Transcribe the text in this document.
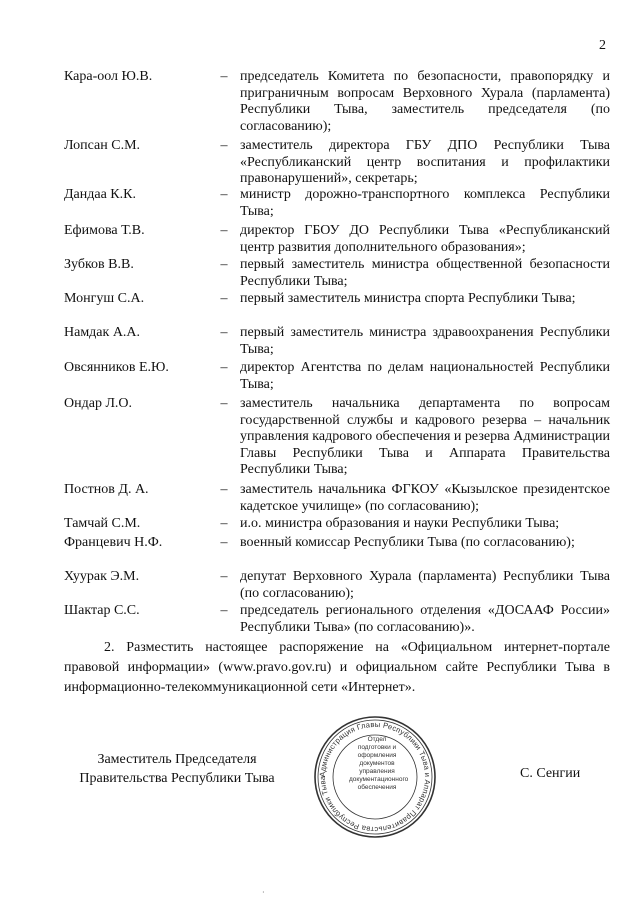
2
Кара-оол Ю.В.	– председатель Комитета по безопасности, правопорядку и приграничным вопросам Верховного Хурала (парламента) Республики Тыва, заместитель председателя (по согласованию);
Лопсан С.М.	– заместитель директора ГБУ ДПО Республики Тыва «Республиканский центр воспитания и профилактики правонарушений», секретарь;
Дандаа К.К.	– министр дорожно-транспортного комплекса Республики Тыва;
Ефимова Т.В.	– директор ГБОУ ДО Республики Тыва «Республиканский центр развития дополнительного образования»;
Зубков В.В.	– первый заместитель министра общественной безопасности Республики Тыва;
Монгуш С.А.	– первый заместитель министра спорта Республики Тыва;
Намдак А.А.	– первый заместитель министра здравоохранения Республики Тыва;
Овсянников Е.Ю.	– директор Агентства по делам национальностей Республики Тыва;
Ондар Л.О.	– заместитель начальника департамента по вопросам государственной службы и кадрового резерва – начальник управления кадрового обеспечения и резерва Администрации Главы Республики Тыва и Аппарата Правительства Республики Тыва;
Постнов Д. А.	– заместитель начальника ФГКОУ «Кызылское президентское кадетское училище» (по согласованию);
Тамчай С.М.	– и.о. министра образования и науки Республики Тыва;
Францевич Н.Ф.	– военный комиссар Республики Тыва (по согласованию);
Хуурак Э.М.	– депутат Верховного Хурала (парламента) Республики Тыва (по согласованию);
Шактар С.С.	– председатель регионального отделения «ДОСААФ России» Республики Тыва» (по согласованию)».
2. Разместить настоящее распоряжение на «Официальном интернет-портале правовой информации» (www.pravo.gov.ru) и официальном сайте Республики Тыва в информационно-телекоммуникационной сети «Интернет».
Заместитель Председателя
Правительства Республики Тыва	С. Сенгии
Администрация Главы Республики Тыва и Аппарат Правительства Республики Тыва
Отдел
подготовки и
оформления документов
управления
документационного
обеспечения
·
